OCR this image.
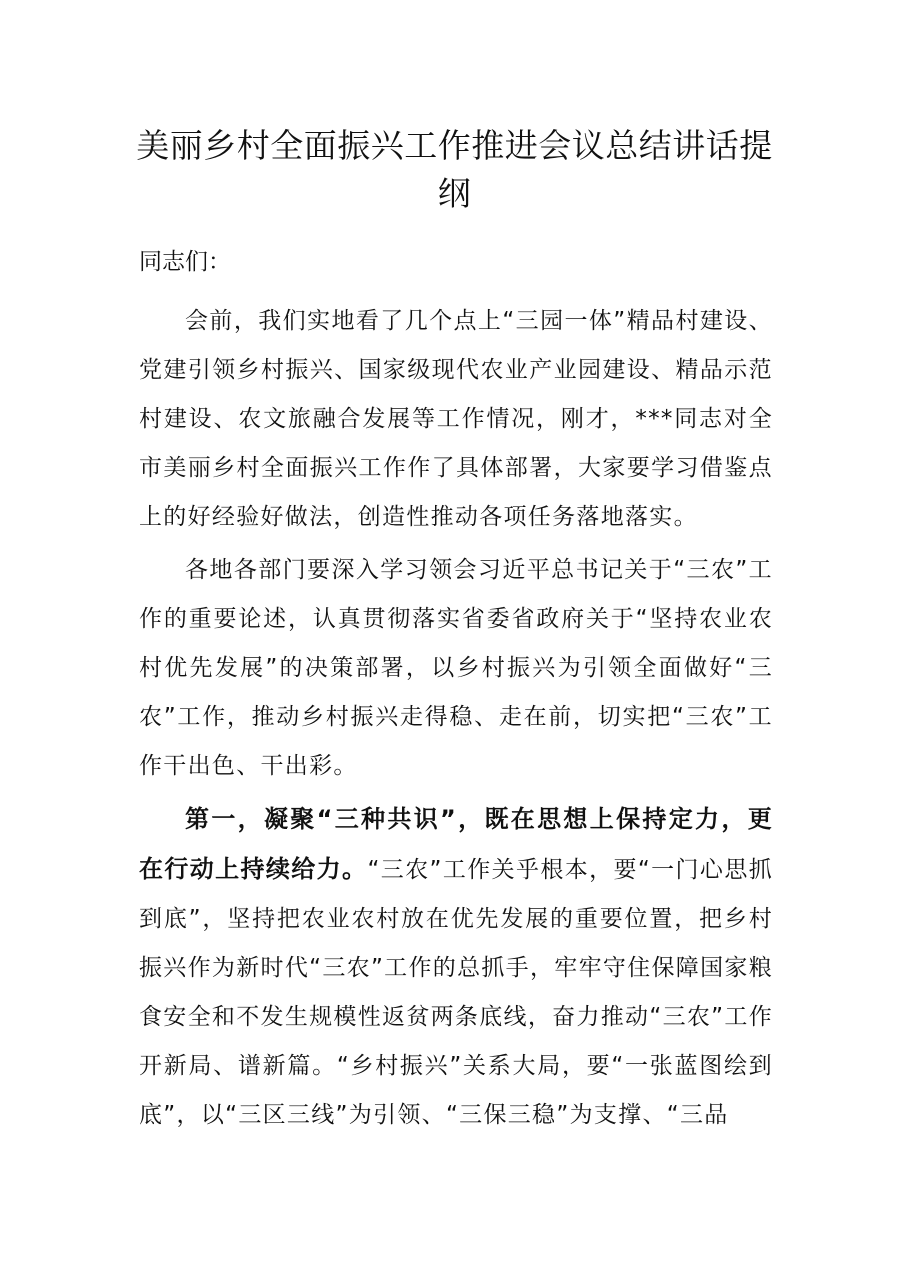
美丽乡村全面振兴工作推进会议总结讲话提纲

同志们：

会前，我们实地看了几个点上“三园一体”精品村建设、党建引领乡村振兴、国家级现代农业产业园建设、精品示范村建设、农文旅融合发展等工作情况，刚才，***同志对全市美丽乡村全面振兴工作作了具体部署，大家要学习借鉴点上的好经验好做法，创造性推动各项任务落地落实。

各地各部门要深入学习领会习近平总书记关于“三农”工作的重要论述，认真贯彻落实省委省政府关于“坚持农业农村优先发展”的决策部署，以乡村振兴为引领全面做好“三农”工作，推动乡村振兴走得稳、走在前，切实把“三农”工作干出色、干出彩。

第一，凝聚“三种共识”，既在思想上保持定力，更在行动上持续给力。“三农”工作关乎根本，要“一门心思抓到底”，坚持把农业农村放在优先发展的重要位置，把乡村振兴作为新时代“三农”工作的总抓手，牢牢守住保障国家粮食安全和不发生规模性返贫两条底线，奋力推动“三农”工作开新局、谱新篇。“乡村振兴”关系大局，要“一张蓝图绘到底”，以“三区三线”为引领、“三保三稳”为支撑、“三品
